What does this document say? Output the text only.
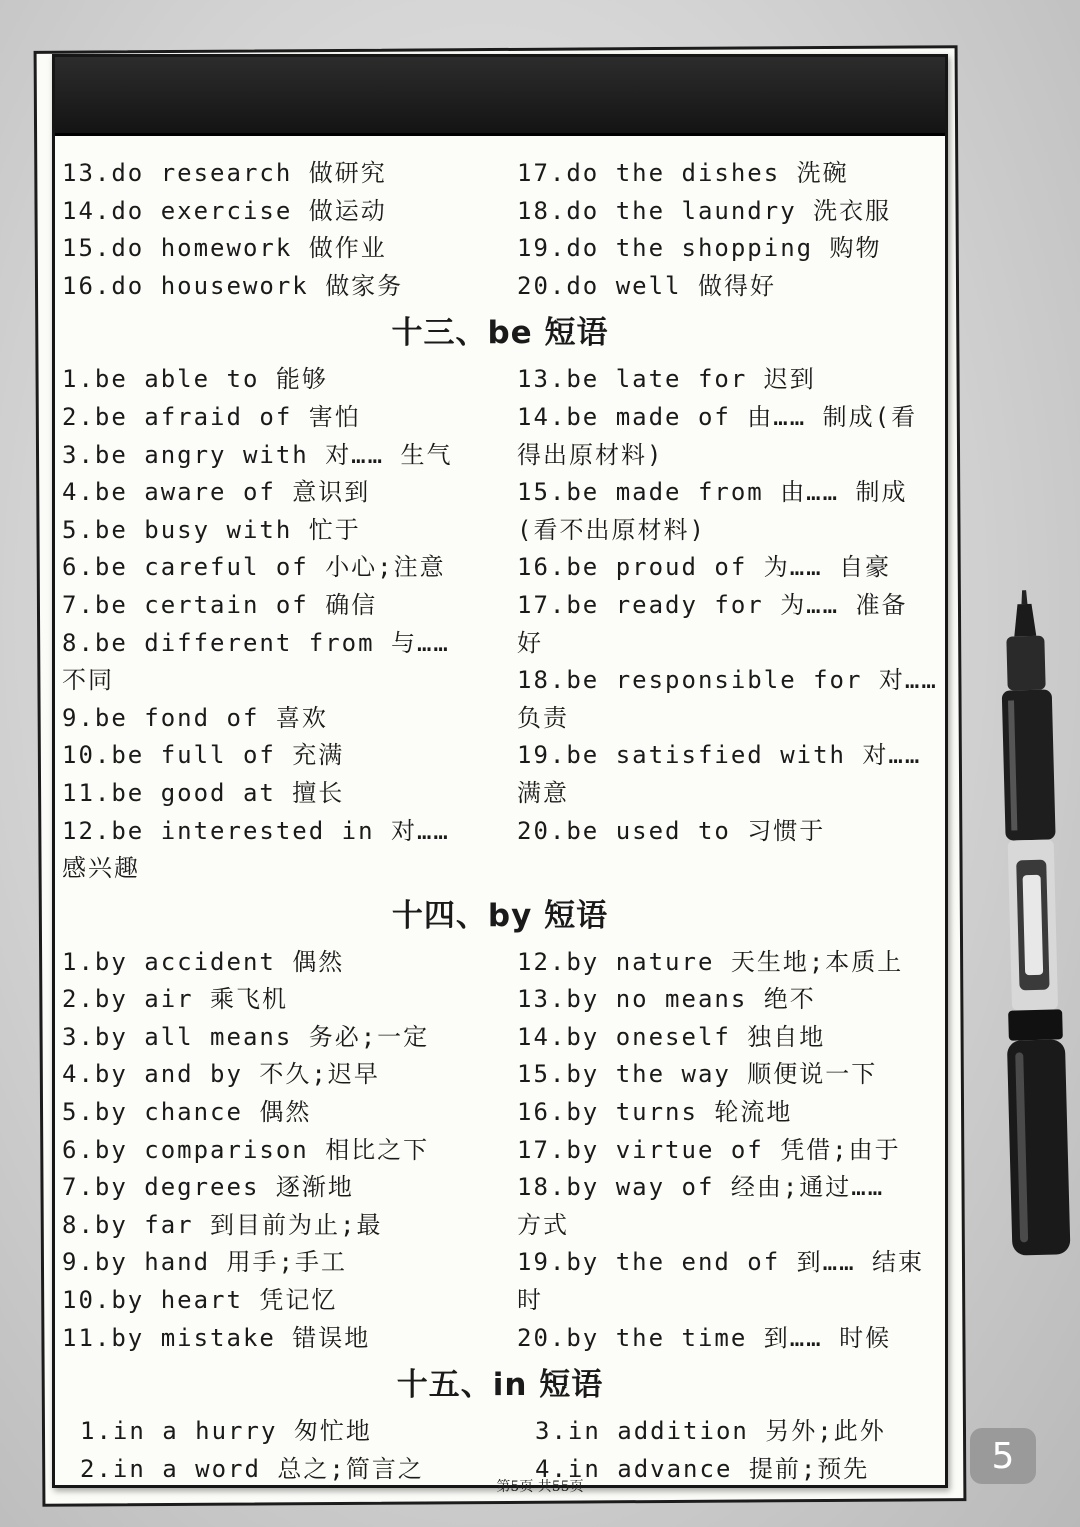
13.do research 做研究

14.do exercise 做运动

15.do homework 做作业

16.do housework 做家务

17.do the dishes 洗碗

18.do the laundry 洗衣服

19.do the shopping 购物

20.do well 做得好

十三、be 短语

1.be able to 能够

2.be afraid of 害怕

3.be angry with 对…… 生气

4.be aware of 意识到

5.be busy with 忙于

6.be careful of 小心;注意

7.be certain of 确信

8.be different from 与……

不同

9.be fond of 喜欢

10.be full of 充满

11.be good at 擅长

12.be interested in 对……

感兴趣

13.be late for 迟到

14.be made of 由…… 制成(看

得出原材料)

15.be made from 由…… 制成

(看不出原材料)

16.be proud of 为…… 自豪

17.be ready for 为…… 准备

好

18.be responsible for 对……

负责

19.be satisfied with 对……

满意

20.be used to 习惯于

十四、by 短语

1.by accident 偶然

2.by air 乘飞机

3.by all means 务必;一定

4.by and by 不久;迟早

5.by chance 偶然

6.by comparison 相比之下

7.by degrees 逐渐地

8.by far 到目前为止;最

9.by hand 用手;手工

10.by heart 凭记忆

11.by mistake 错误地

12.by nature 天生地;本质上

13.by no means 绝不

14.by oneself 独自地

15.by the way 顺便说一下

16.by turns 轮流地

17.by virtue of 凭借;由于

18.by way of 经由;通过……

方式

19.by the end of 到…… 结束

时

20.by the time 到…… 时候

十五、in 短语

1.in a hurry 匆忙地

2.in a word 总之;简言之

3.in addition 另外;此外

4.in advance 提前;预先

第5页 共55页
5
